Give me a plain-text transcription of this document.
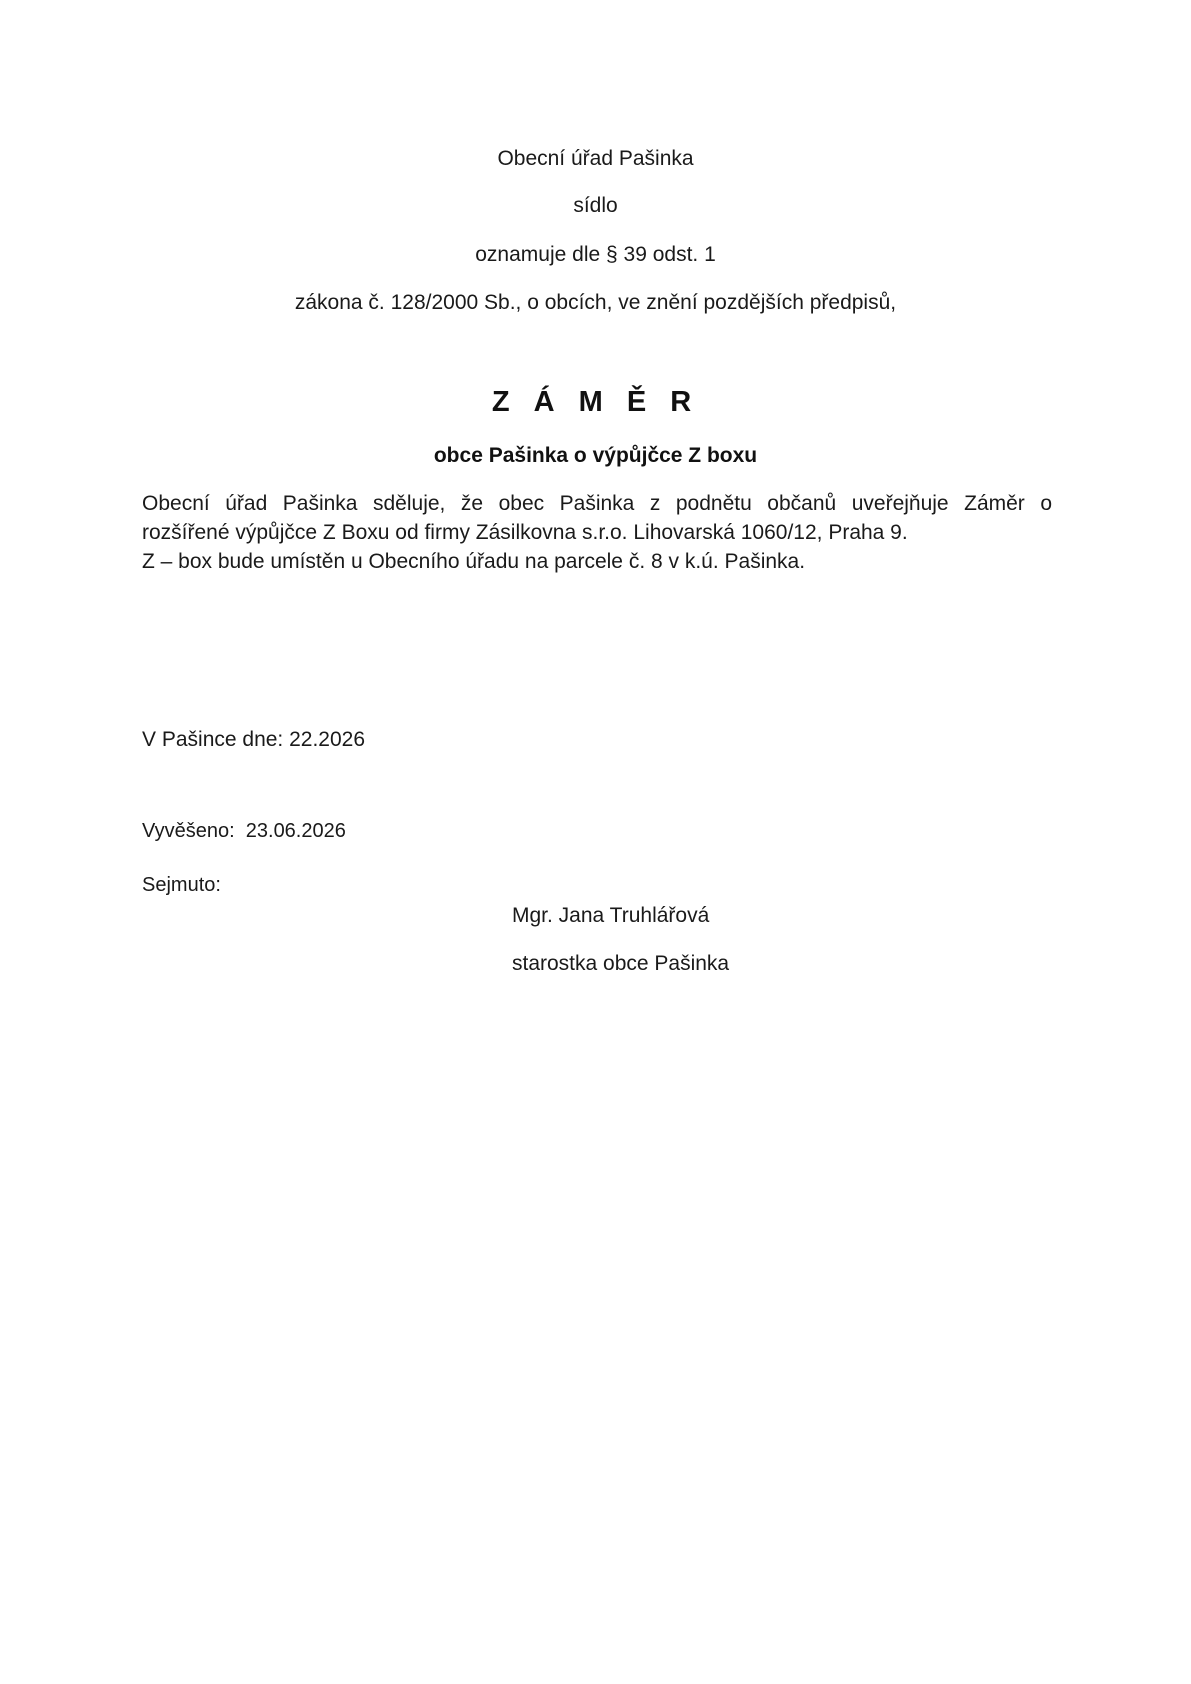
Obecní úřad Pašinka
sídlo
oznamuje dle § 39 odst. 1
zákona č. 128/2000 Sb., o obcích, ve znění pozdějších předpisů,
Z Á M Ě R
obce Pašinka o výpůjčce Z boxu
Obecní úřad Pašinka sděluje, že obec Pašinka z podnětu občanů uveřejňuje Záměr o
rozšířené výpůjčce Z Boxu od firmy Zásilkovna s.r.o. Lihovarská 1060/12, Praha 9.
Z – box bude umístěn u Obecního úřadu na parcele č. 8 v k.ú. Pašinka.
V Pašince dne: 22.2026
Vyvěšeno:  23.06.2026
Sejmuto:
Mgr. Jana Truhlářová
starostka obce Pašinka
